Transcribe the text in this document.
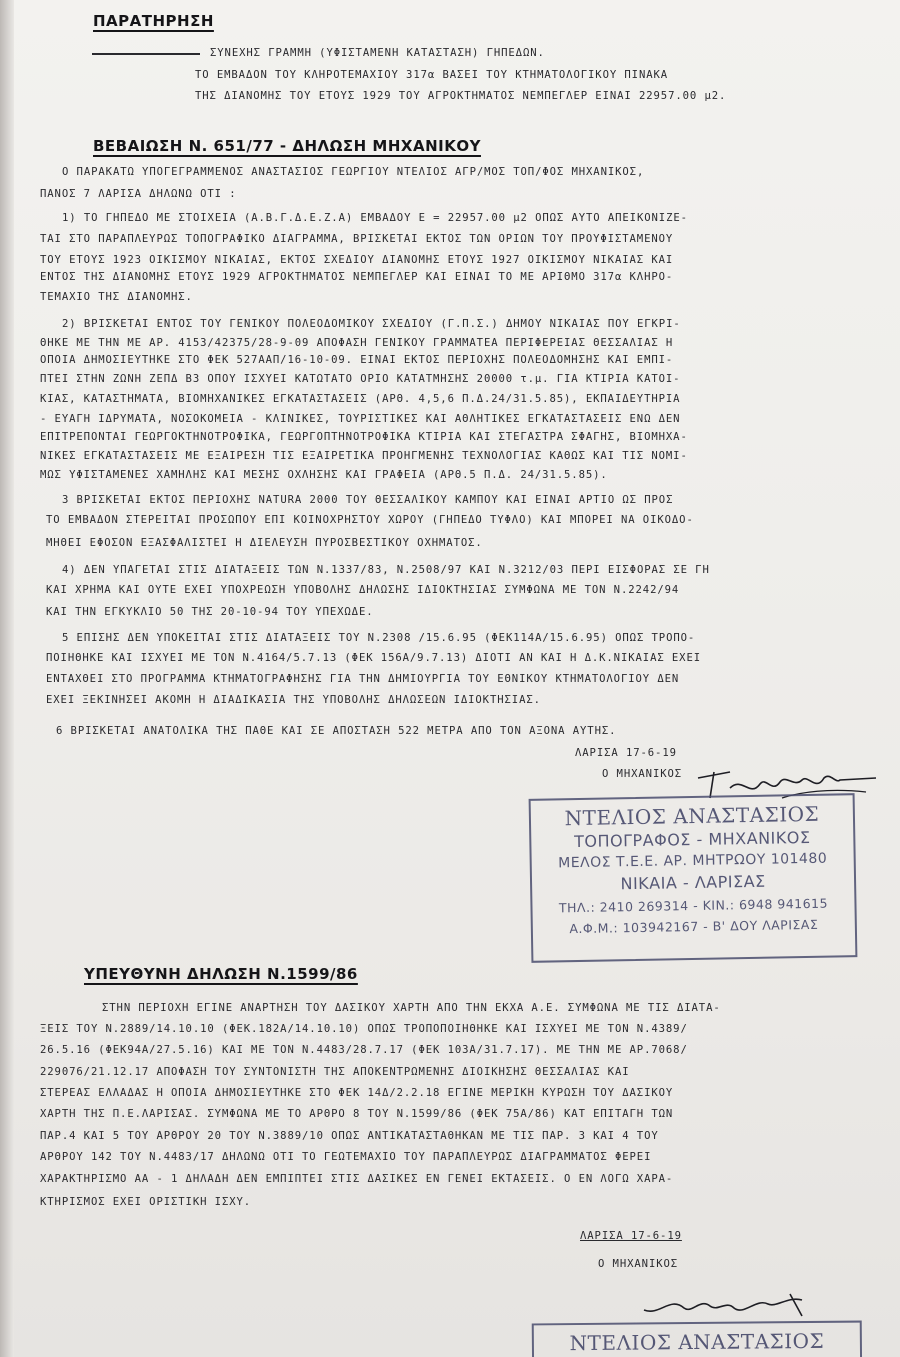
ΠΑΡΑΤΗΡΗΣΗ
ΣΥΝΕΧΗΣ ΓΡΑΜΜΗ (ΥΦΙΣΤΑΜΕΝΗ ΚΑΤΑΣΤΑΣΗ) ΓΗΠΕΔΩΝ.
ΤΟ ΕΜΒΑΔΟΝ ΤΟΥ ΚΛΗΡΟΤΕΜΑΧΙΟΥ 317α ΒΑΣΕΙ ΤΟΥ ΚΤΗΜΑΤΟΛΟΓΙΚΟΥ ΠΙΝΑΚΑ
ΤΗΣ ΔΙΑΝΟΜΗΣ ΤΟΥ ΕΤΟΥΣ 1929 ΤΟΥ ΑΓΡΟΚΤΗΜΑΤΟΣ ΝΕΜΠΕΓΛΕΡ ΕΙΝΑΙ 22957.00 μ2.
ΒΕΒΑΙΩΣΗ Ν. 651/77 - ΔΗΛΩΣΗ ΜΗΧΑΝΙΚΟΥ
Ο ΠΑΡΑΚΑΤΩ ΥΠΟΓΕΓΡΑΜΜΕΝΟΣ ΑΝΑΣΤΑΣΙΟΣ ΓΕΩΡΓΙΟΥ ΝΤΕΛΙΟΣ ΑΓΡ/ΜΟΣ ΤΟΠ/ΦΟΣ ΜΗΧΑΝΙΚΟΣ,
ΠΑΝΟΣ 7 ΛΑΡΙΣΑ ΔΗΛΩΝΩ ΟΤΙ :
1) ΤΟ ΓΗΠΕΔΟ ΜΕ ΣΤΟΙΧΕΙΑ (Α.Β.Γ.Δ.Ε.Ζ.Α) ΕΜΒΑΔΟΥ Ε = 22957.00 μ2 ΟΠΩΣ ΑΥΤΟ ΑΠΕΙΚΟΝΙΖΕ-
ΤΑΙ ΣΤΟ ΠΑΡΑΠΛΕΥΡΩΣ ΤΟΠΟΓΡΑΦΙΚΟ ΔΙΑΓΡΑΜΜΑ, ΒΡΙΣΚΕΤΑΙ ΕΚΤΟΣ ΤΩΝ ΟΡΙΩΝ ΤΟΥ ΠΡΟΥΦΙΣΤΑΜΕΝΟΥ
ΤΟΥ ΕΤΟΥΣ 1923 ΟΙΚΙΣΜΟΥ ΝΙΚΑΙΑΣ, ΕΚΤΟΣ ΣΧΕΔΙΟΥ ΔΙΑΝΟΜΗΣ ΕΤΟΥΣ 1927 ΟΙΚΙΣΜΟΥ ΝΙΚΑΙΑΣ ΚΑΙ
ΕΝΤΟΣ ΤΗΣ ΔΙΑΝΟΜΗΣ ΕΤΟΥΣ 1929 ΑΓΡΟΚΤΗΜΑΤΟΣ ΝΕΜΠΕΓΛΕΡ ΚΑΙ ΕΙΝΑΙ ΤΟ ΜΕ ΑΡΙΘΜΟ 317α ΚΛΗΡΟ-
ΤΕΜΑΧΙΟ ΤΗΣ ΔΙΑΝΟΜΗΣ.
2) ΒΡΙΣΚΕΤΑΙ ΕΝΤΟΣ ΤΟΥ ΓΕΝΙΚΟΥ ΠΟΛΕΟΔΟΜΙΚΟΥ ΣΧΕΔΙΟΥ (Γ.Π.Σ.) ΔΗΜΟΥ ΝΙΚΑΙΑΣ ΠΟΥ ΕΓΚΡΙ-
ΘΗΚΕ ΜΕ ΤΗΝ ΜΕ ΑΡ. 4153/42375/28-9-09 ΑΠΟΦΑΣΗ ΓΕΝΙΚΟΥ ΓΡΑΜΜΑΤΕΑ ΠΕΡΙΦΕΡΕΙΑΣ ΘΕΣΣΑΛΙΑΣ Η
ΟΠΟΙΑ ΔΗΜΟΣΙΕΥΤΗΚΕ ΣΤΟ ΦΕΚ 527ΑΑΠ/16-10-09. ΕΙΝΑΙ ΕΚΤΟΣ ΠΕΡΙΟΧΗΣ ΠΟΛΕΟΔΟΜΗΣΗΣ ΚΑΙ ΕΜΠΙ-
ΠΤΕΙ ΣΤΗΝ ΖΩΝΗ ΖΕΠΔ Β3 ΟΠΟΥ ΙΣΧΥΕΙ ΚΑΤΩΤΑΤΟ ΟΡΙΟ ΚΑΤΑΤΜΗΣΗΣ 20000 τ.μ. ΓΙΑ ΚΤΙΡΙΑ ΚΑΤΟΙ-
ΚΙΑΣ, ΚΑΤΑΣΤΗΜΑΤΑ, ΒΙΟΜΗΧΑΝΙΚΕΣ ΕΓΚΑΤΑΣΤΑΣΕΙΣ (ΑΡΘ. 4,5,6 Π.Δ.24/31.5.85), ΕΚΠΑΙΔΕΥΤΗΡΙΑ
- ΕΥΑΓΗ ΙΔΡΥΜΑΤΑ, ΝΟΣΟΚΟΜΕΙΑ - ΚΛΙΝΙΚΕΣ, ΤΟΥΡΙΣΤΙΚΕΣ ΚΑΙ ΑΘΛΗΤΙΚΕΣ ΕΓΚΑΤΑΣΤΑΣΕΙΣ ΕΝΩ ΔΕΝ
ΕΠΙΤΡΕΠΟΝΤΑΙ ΓΕΩΡΓΟΚΤΗΝΟΤΡΟΦΙΚΑ, ΓΕΩΡΓΟΠΤΗΝΟΤΡΟΦΙΚΑ ΚΤΙΡΙΑ ΚΑΙ ΣΤΕΓΑΣΤΡΑ ΣΦΑΓΗΣ, ΒΙΟΜΗΧΑ-
ΝΙΚΕΣ ΕΓΚΑΤΑΣΤΑΣΕΙΣ ΜΕ ΕΞΑΙΡΕΣΗ ΤΙΣ ΕΞΑΙΡΕΤΙΚΑ ΠΡΟΗΓΜΕΝΗΣ ΤΕΧΝΟΛΟΓΙΑΣ ΚΑΘΩΣ ΚΑΙ ΤΙΣ ΝΟΜΙ-
ΜΩΣ ΥΦΙΣΤΑΜΕΝΕΣ ΧΑΜΗΛΗΣ ΚΑΙ ΜΕΣΗΣ ΟΧΛΗΣΗΣ ΚΑΙ ΓΡΑΦΕΙΑ (ΑΡΘ.5 Π.Δ. 24/31.5.85).
3 ΒΡΙΣΚΕΤΑΙ ΕΚΤΟΣ ΠΕΡΙΟΧΗΣ NATURA 2000 ΤΟΥ ΘΕΣΣΑΛΙΚΟΥ ΚΑΜΠΟΥ ΚΑΙ ΕΙΝΑΙ ΑΡΤΙΟ ΩΣ ΠΡΟΣ
ΤΟ ΕΜΒΑΔΟΝ ΣΤΕΡΕΙΤΑΙ ΠΡΟΣΩΠΟΥ ΕΠΙ ΚΟΙΝΟΧΡΗΣΤΟΥ ΧΩΡΟΥ (ΓΗΠΕΔΟ ΤΥΦΛΟ) ΚΑΙ ΜΠΟΡΕΙ ΝΑ ΟΙΚΟΔΟ-
ΜΗΘΕΙ ΕΦΟΣΟΝ ΕΞΑΣΦΑΛΙΣΤΕΙ Η ΔΙΕΛΕΥΣΗ ΠΥΡΟΣΒΕΣΤΙΚΟΥ ΟΧΗΜΑΤΟΣ.
4) ΔΕΝ ΥΠΑΓΕΤΑΙ ΣΤΙΣ ΔΙΑΤΑΞΕΙΣ ΤΩΝ Ν.1337/83, Ν.2508/97 ΚΑΙ Ν.3212/03 ΠΕΡΙ ΕΙΣΦΟΡΑΣ ΣΕ ΓΗ
ΚΑΙ ΧΡΗΜΑ ΚΑΙ ΟΥΤΕ ΕΧΕΙ ΥΠΟΧΡΕΩΣΗ ΥΠΟΒΟΛΗΣ ΔΗΛΩΣΗΣ ΙΔΙΟΚΤΗΣΙΑΣ ΣΥΜΦΩΝΑ ΜΕ ΤΟΝ Ν.2242/94
ΚΑΙ ΤΗΝ ΕΓΚΥΚΛΙΟ 50 ΤΗΣ 20-10-94 ΤΟΥ ΥΠΕΧΩΔΕ.
5 ΕΠΙΣΗΣ ΔΕΝ ΥΠΟΚΕΙΤΑΙ ΣΤΙΣ ΔΙΑΤΑΞΕΙΣ ΤΟΥ Ν.2308 /15.6.95 (ΦΕΚ114Α/15.6.95) ΟΠΩΣ ΤΡΟΠΟ-
ΠΟΙΗΘΗΚΕ ΚΑΙ ΙΣΧΥΕΙ ΜΕ ΤΟΝ Ν.4164/5.7.13 (ΦΕΚ 156Α/9.7.13) ΔΙΟΤΙ ΑΝ ΚΑΙ Η Δ.Κ.ΝΙΚΑΙΑΣ ΕΧΕΙ
ΕΝΤΑΧΘΕΙ ΣΤΟ ΠΡΟΓΡΑΜΜΑ ΚΤΗΜΑΤΟΓΡΑΦΗΣΗΣ ΓΙΑ ΤΗΝ ΔΗΜΙΟΥΡΓΙΑ ΤΟΥ ΕΘΝΙΚΟΥ ΚΤΗΜΑΤΟΛΟΓΙΟΥ ΔΕΝ
ΕΧΕΙ ΞΕΚΙΝΗΣΕΙ ΑΚΟΜΗ Η ΔΙΑΔΙΚΑΣΙΑ ΤΗΣ ΥΠΟΒΟΛΗΣ ΔΗΛΩΣΕΩΝ ΙΔΙΟΚΤΗΣΙΑΣ.
6 ΒΡΙΣΚΕΤΑΙ ΑΝΑΤΟΛΙΚΑ ΤΗΣ ΠΑΘΕ ΚΑΙ ΣΕ ΑΠΟΣΤΑΣΗ 522 ΜΕΤΡΑ ΑΠΟ ΤΟΝ ΑΞΟΝΑ ΑΥΤΗΣ.
ΛΑΡΙΣΑ 17-6-19
Ο ΜΗΧΑΝΙΚΟΣ
ΝΤΕΛΙΟΣ ΑΝΑΣΤΑΣΙΟΣ
ΤΟΠΟΓΡΑΦΟΣ - ΜΗΧΑΝΙΚΟΣ
ΜΕΛΟΣ Τ.Ε.Ε. ΑΡ. ΜΗΤΡΩΟΥ 101480
ΝΙΚΑΙΑ - ΛΑΡΙΣΑΣ
ΤΗΛ.: 2410 269314 - ΚΙΝ.: 6948 941615
Α.Φ.Μ.: 103942167 - Β' ΔΟΥ ΛΑΡΙΣΑΣ
ΥΠΕΥΘΥΝΗ ΔΗΛΩΣΗ Ν.1599/86
ΣΤΗΝ ΠΕΡΙΟΧΗ ΕΓΙΝΕ ΑΝΑΡΤΗΣΗ ΤΟΥ ΔΑΣΙΚΟΥ ΧΑΡΤΗ ΑΠΟ ΤΗΝ ΕΚΧΑ Α.Ε. ΣΥΜΦΩΝΑ ΜΕ ΤΙΣ ΔΙΑΤΑ-
ΞΕΙΣ ΤΟΥ Ν.2889/14.10.10 (ΦΕΚ.182Α/14.10.10) ΟΠΩΣ ΤΡΟΠΟΠΟΙΗΘΗΚΕ ΚΑΙ ΙΣΧΥΕΙ ΜΕ ΤΟΝ Ν.4389/
26.5.16 (ΦΕΚ94Α/27.5.16) ΚΑΙ ΜΕ ΤΟΝ Ν.4483/28.7.17 (ΦΕΚ 103Α/31.7.17). ΜΕ ΤΗΝ ΜΕ ΑΡ.7068/
229076/21.12.17 ΑΠΟΦΑΣΗ ΤΟΥ ΣΥΝΤΟΝΙΣΤΗ ΤΗΣ ΑΠΟΚΕΝΤΡΩΜΕΝΗΣ ΔΙΟΙΚΗΣΗΣ ΘΕΣΣΑΛΙΑΣ ΚΑΙ
ΣΤΕΡΕΑΣ ΕΛΛΑΔΑΣ Η ΟΠΟΙΑ ΔΗΜΟΣΙΕΥΤΗΚΕ ΣΤΟ ΦΕΚ 14Δ/2.2.18 ΕΓΙΝΕ ΜΕΡΙΚΗ ΚΥΡΩΣΗ ΤΟΥ ΔΑΣΙΚΟΥ
ΧΑΡΤΗ ΤΗΣ Π.Ε.ΛΑΡΙΣΑΣ. ΣΥΜΦΩΝΑ ΜΕ ΤΟ ΑΡΘΡΟ 8 ΤΟΥ Ν.1599/86 (ΦΕΚ 75Α/86) ΚΑΤ ΕΠΙΤΑΓΗ ΤΩΝ
ΠΑΡ.4 ΚΑΙ 5 ΤΟΥ ΑΡΘΡΟΥ 20 ΤΟΥ Ν.3889/10 ΟΠΩΣ ΑΝΤΙΚΑΤΑΣΤΑΘΗΚΑΝ ΜΕ ΤΙΣ ΠΑΡ. 3 ΚΑΙ 4 ΤΟΥ
ΑΡΘΡΟΥ 142 ΤΟΥ Ν.4483/17 ΔΗΛΩΝΩ ΟΤΙ ΤΟ ΓΕΩΤΕΜΑΧΙΟ ΤΟΥ ΠΑΡΑΠΛΕΥΡΩΣ ΔΙΑΓΡΑΜΜΑΤΟΣ ΦΕΡΕΙ
ΧΑΡΑΚΤΗΡΙΣΜΟ ΑΑ - 1 ΔΗΛΑΔΗ ΔΕΝ ΕΜΠΙΠΤΕΙ ΣΤΙΣ ΔΑΣΙΚΕΣ ΕΝ ΓΕΝΕΙ ΕΚΤΑΣΕΙΣ. Ο ΕΝ ΛΟΓΩ ΧΑΡΑ-
ΚΤΗΡΙΣΜΟΣ ΕΧΕΙ ΟΡΙΣΤΙΚΗ ΙΣΧΥ.
ΛΑΡΙΣΑ 17-6-19
Ο ΜΗΧΑΝΙΚΟΣ
ΝΤΕΛΙΟΣ ΑΝΑΣΤΑΣΙΟΣ
